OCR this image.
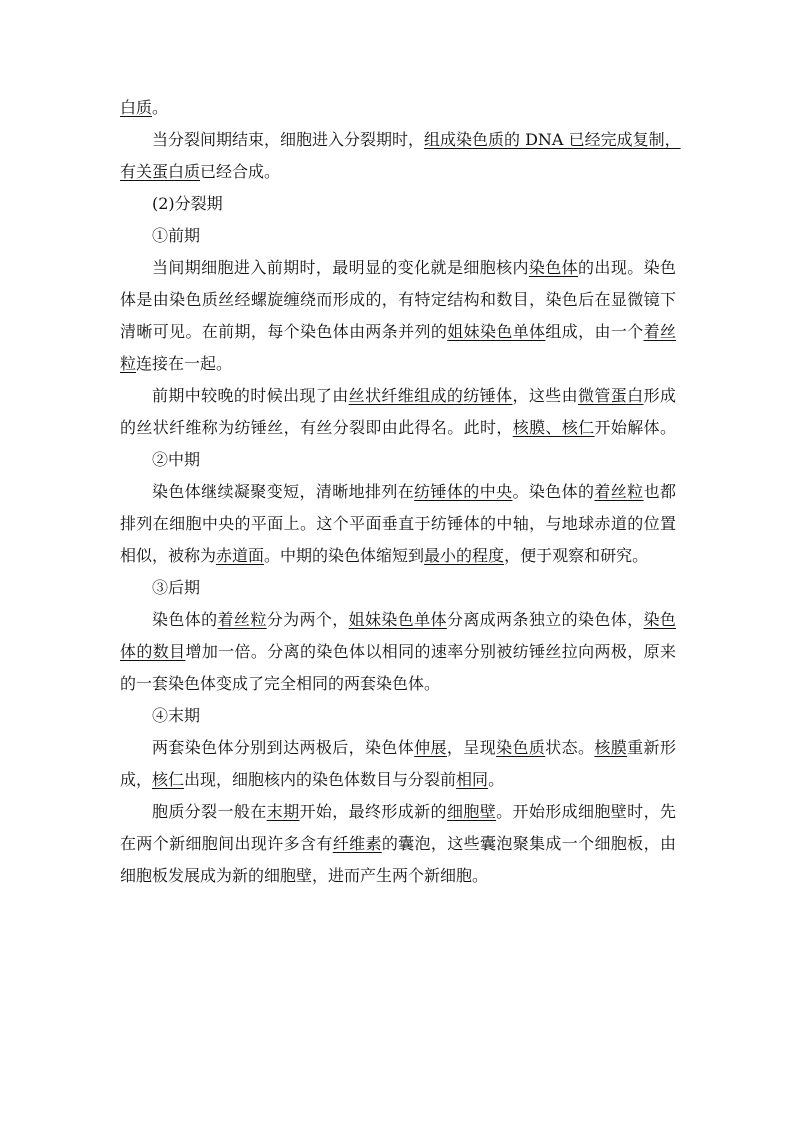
白质。
当分裂间期结束，细胞进入分裂期时，组成染色质的 DNA 已经完成复制，
有关蛋白质已经合成。
(2)分裂期
①前期
当间期细胞进入前期时，最明显的变化就是细胞核内染色体的出现。染色
体是由染色质丝经螺旋缠绕而形成的，有特定结构和数目，染色后在显微镜下
清晰可见。在前期，每个染色体由两条并列的姐妹染色单体组成，由一个着丝
粒连接在一起。
前期中较晚的时候出现了由丝状纤维组成的纺锤体，这些由微管蛋白形成
的丝状纤维称为纺锤丝，有丝分裂即由此得名。此时，核膜、核仁开始解体。
②中期
染色体继续凝聚变短，清晰地排列在纺锤体的中央。染色体的着丝粒也都
排列在细胞中央的平面上。这个平面垂直于纺锤体的中轴，与地球赤道的位置
相似，被称为赤道面。中期的染色体缩短到最小的程度，便于观察和研究。
③后期
染色体的着丝粒分为两个，姐妹染色单体分离成两条独立的染色体，染色
体的数目增加一倍。分离的染色体以相同的速率分别被纺锤丝拉向两极，原来
的一套染色体变成了完全相同的两套染色体。
④末期
两套染色体分别到达两极后，染色体伸展，呈现染色质状态。核膜重新形
成，核仁出现，细胞核内的染色体数目与分裂前相同。
胞质分裂一般在末期开始，最终形成新的细胞壁。开始形成细胞壁时，先
在两个新细胞间出现许多含有纤维素的囊泡，这些囊泡聚集成一个细胞板，由
细胞板发展成为新的细胞壁，进而产生两个新细胞。
